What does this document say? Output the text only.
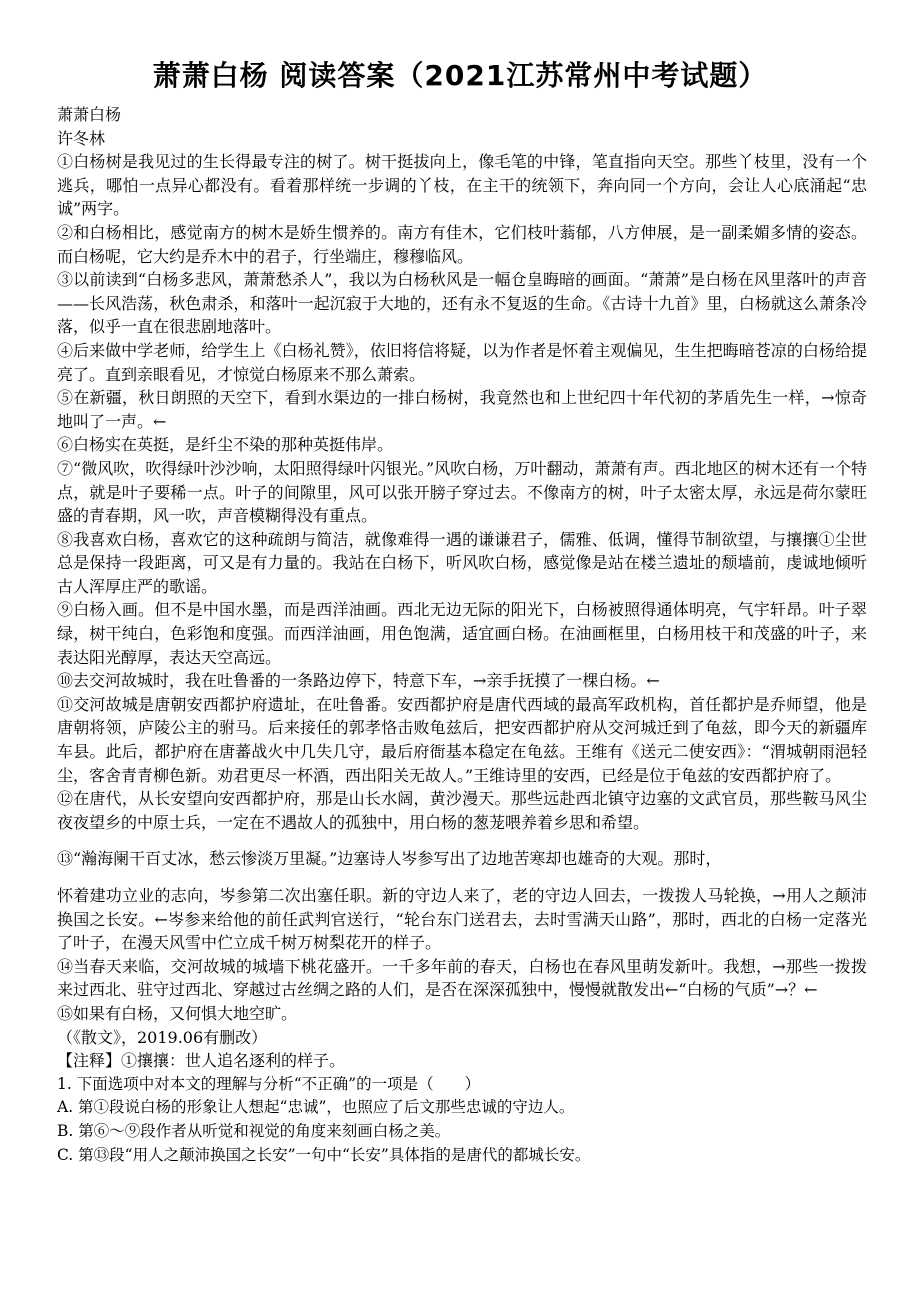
萧萧白杨 阅读答案（2021江苏常州中考试题）

萧萧白杨

许冬林

①白杨树是我见过的生长得最专注的树了。树干挺拔向上，像毛笔的中锋，笔直指向天空。那些丫枝里，没有一个逃兵，哪怕一点异心都没有。看着那样统一步调的丫枝，在主干的统领下，奔向同一个方向，会让人心底涌起“忠诚”两字。

②和白杨相比，感觉南方的树木是娇生惯养的。南方有佳木，它们枝叶蓊郁，八方伸展，是一副柔媚多情的姿态。而白杨呢，它大约是乔木中的君子，行坐端庄，穆穆临风。

③以前读到“白杨多悲风，萧萧愁杀人”，我以为白杨秋风是一幅仓皇晦暗的画面。“萧萧”是白杨在风里落叶的声音——长风浩荡，秋色肃杀，和落叶一起沉寂于大地的，还有永不复返的生命。《古诗十九首》里，白杨就这么萧条冷落，似乎一直在很悲剧地落叶。

④后来做中学老师，给学生上《白杨礼赞》，依旧将信将疑，以为作者是怀着主观偏见，生生把晦暗苍凉的白杨给提亮了。直到亲眼看见，才惊觉白杨原来不那么萧索。

⑤在新疆，秋日朗照的天空下，看到水渠边的一排白杨树，我竟然也和上世纪四十年代初的茅盾先生一样，→惊奇地叫了一声。←

⑥白杨实在英挺，是纤尘不染的那种英挺伟岸。

⑦“微风吹，吹得绿叶沙沙响，太阳照得绿叶闪银光。”风吹白杨，万叶翻动，萧萧有声。西北地区的树木还有一个特点，就是叶子要稀一点。叶子的间隙里，风可以张开膀子穿过去。不像南方的树，叶子太密太厚，永远是荷尔蒙旺盛的青春期，风一吹，声音模糊得没有重点。

⑧我喜欢白杨，喜欢它的这种疏朗与简洁，就像难得一遇的谦谦君子，儒雅、低调，懂得节制欲望，与攘攘①尘世总是保持一段距离，可又是有力量的。我站在白杨下，听风吹白杨，感觉像是站在楼兰遗址的颓墙前，虔诚地倾听古人浑厚庄严的歌谣。

⑨白杨入画。但不是中国水墨，而是西洋油画。西北无边无际的阳光下，白杨被照得通体明亮，气宇轩昂。叶子翠绿，树干纯白，色彩饱和度强。而西洋油画，用色饱满，适宜画白杨。在油画框里，白杨用枝干和茂盛的叶子，来表达阳光醇厚，表达天空高远。

⑩去交河故城时，我在吐鲁番的一条路边停下，特意下车，→亲手抚摸了一棵白杨。←

⑪交河故城是唐朝安西都护府遗址，在吐鲁番。安西都护府是唐代西域的最高军政机构，首任都护是乔师望，他是唐朝将领，庐陵公主的驸马。后来接任的郭孝恪击败龟兹后，把安西都护府从交河城迁到了龟兹，即今天的新疆库车县。此后，都护府在唐蕃战火中几失几守，最后府衙基本稳定在龟兹。王维有《送元二使安西》：“渭城朝雨浥轻尘，客舍青青柳色新。劝君更尽一杯酒，西出阳关无故人。”王维诗里的安西，已经是位于龟兹的安西都护府了。

⑫在唐代，从长安望向安西都护府，那是山长水阔，黄沙漫天。那些远赴西北镇守边塞的文武官员，那些鞍马风尘夜夜望乡的中原士兵，一定在不遇故人的孤独中，用白杨的葱茏喂养着乡思和希望。

⑬“瀚海阑干百丈冰，愁云惨淡万里凝。”边塞诗人岑参写出了边地苦寒却也雄奇的大观。那时，

怀着建功立业的志向，岑参第二次出塞任职。新的守边人来了，老的守边人回去，一拨拨人马轮换，→用人之颠沛换国之长安。←岑参来给他的前任武判官送行，“轮台东门送君去，去时雪满天山路”，那时，西北的白杨一定落光了叶子，在漫天风雪中伫立成千树万树梨花开的样子。

⑭当春天来临，交河故城的城墙下桃花盛开。一千多年前的春天，白杨也在春风里萌发新叶。我想，→那些一拨拨来过西北、驻守过西北、穿越过古丝绸之路的人们，是否在深深孤独中，慢慢就散发出←“白杨的气质”→？←

⑮如果有白杨，又何惧大地空旷。

（《散文》，2019.06有删改）

【注释】①攘攘：世人追名逐利的样子。

1. 下面选项中对本文的理解与分析“不正确”的一项是（　　）

A. 第①段说白杨的形象让人想起“忠诚”，也照应了后文那些忠诚的守边人。

B. 第⑥～⑨段作者从听觉和视觉的角度来刻画白杨之美。

C. 第⑬段“用人之颠沛换国之长安”一句中“长安”具体指的是唐代的都城长安。
